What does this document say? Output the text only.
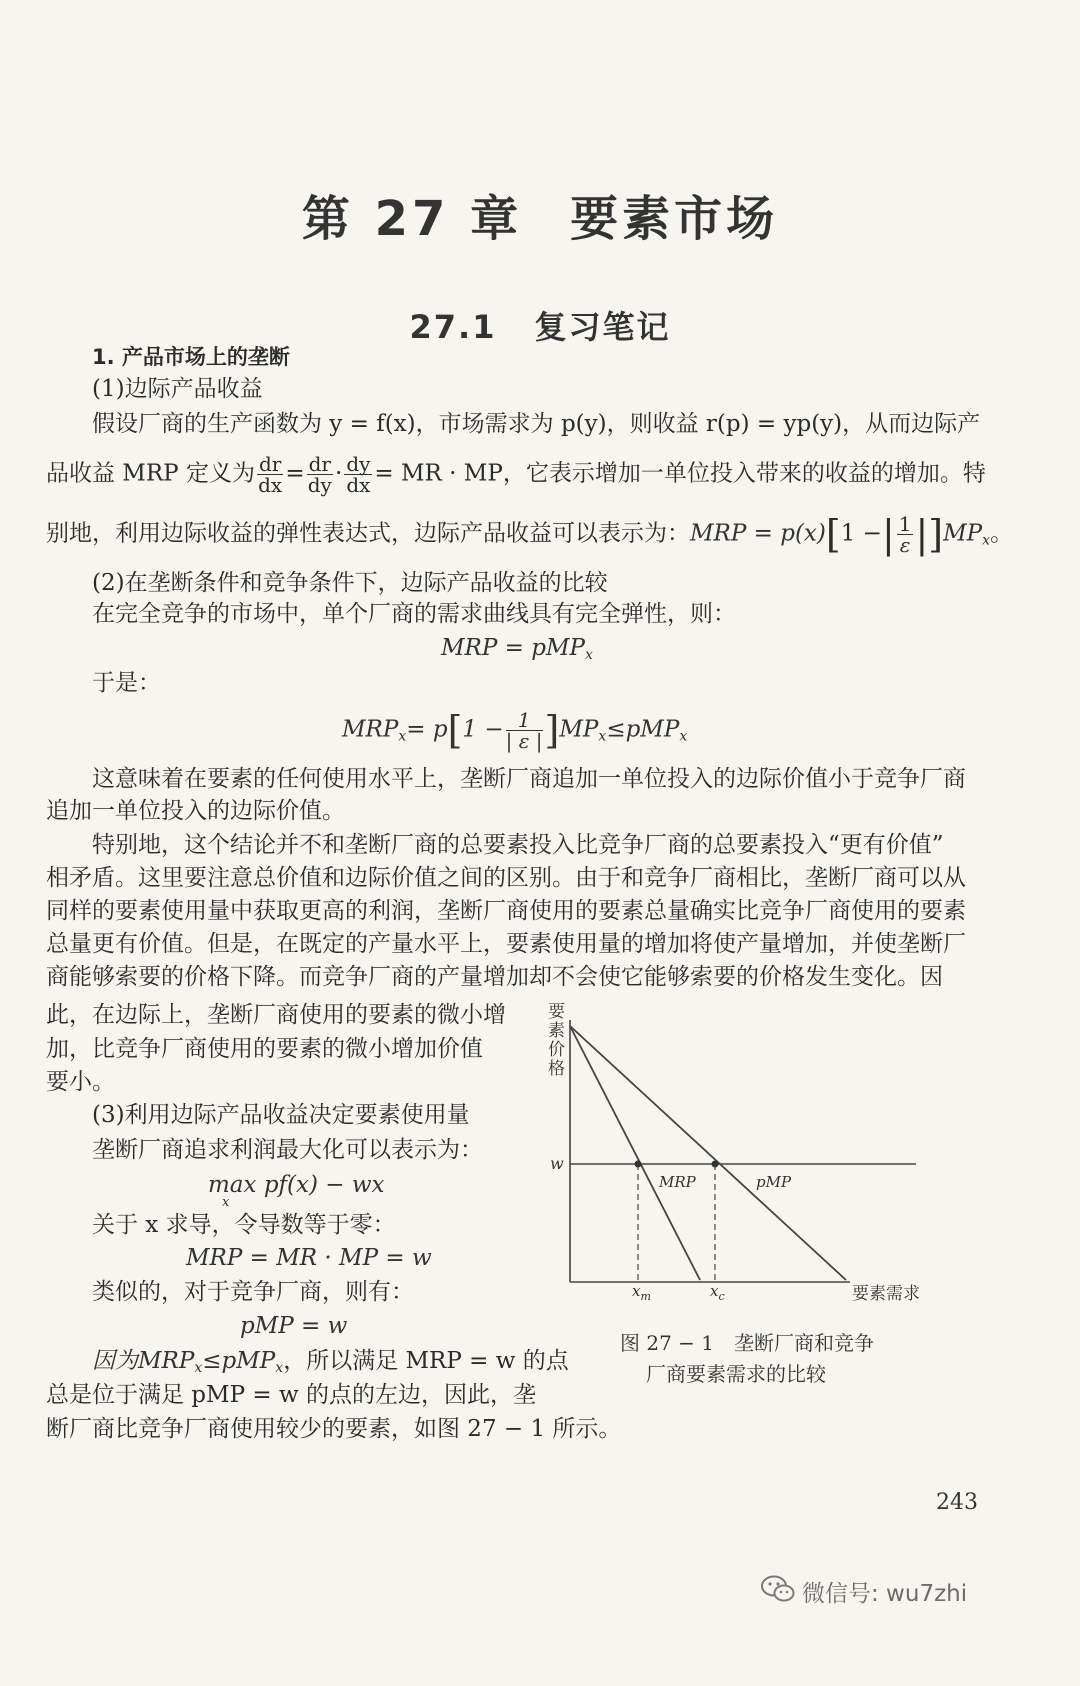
第 27 章 要素市场
27.1 复习笔记
1. 产品市场上的垄断
(1)边际产品收益
假设厂商的生产函数为 y = f(x)，市场需求为 p(y)，则收益 r(p) = yp(y)，从而边际产
品收益 MRP 定义为 $\frac{dr}{dx} = \frac{dr}{dy} \cdot \frac{dy}{dx}$ = MR · MP，它表示增加一单位投入带来的收益的增加。特
别地，利用边际收益的弹性表达式，边际产品收益可以表示为：MRP = p(x)[1 −| $\frac{1}{\varepsilon} |]MP_x$。
(2)在垄断条件和竞争条件下，边际产品收益的比较
在完全竞争的市场中，单个厂商的需求曲线具有完全弹性，则：
MRP = pMP$_x$
于是：
$MRP_x= p[1 - \frac{1}{| \varepsilon |} ]MP_x\le pMP_x$
这意味着在要素的任何使用水平上，垄断厂商追加一单位投入的边际价值小于竞争厂商
追加一单位投入的边际价值。
特别地，这个结论并不和垄断厂商的总要素投入比竞争厂商的总要素投入“更有价值”
相矛盾。这里要注意总价值和边际价值之间的区别。由于和竞争厂商相比，垄断厂商可以从
同样的要素使用量中获取更高的利润，垄断厂商使用的要素总量确实比竞争厂商使用的要素
总量更有价值。但是，在既定的产量水平上，要素使用量的增加将使产量增加，并使垄断厂
商能够索要的价格下降。而竞争厂商的产量增加却不会使它能够索要的价格发生变化。因
此，在边际上，垄断厂商使用的要素的微小增
加，比竞争厂商使用的要素的微小增加价值
要小。
(3)利用边际产品收益决定要素使用量
垄断厂商追求利润最大化可以表示为：
max
x
pf(x) − wx
关于 x 求导，令导数等于零：
MRP = MR · MP = w
类似的，对于竞争厂商，则有：
pMP = w
因为$MRP_x\le pMP_x$，所以满足 MRP = w 的点
总是位于满足 pMP = w 的点的左边，因此，垄
断厂商比竞争厂商使用较少的要素，如图 27 − 1 所示。
要
素
价
格
w
MRP	pMP
$x_m$	$x_c$	要素需求
图 27 − 1　垄断厂商和竞争
厂商要素需求的比较
243
微信号: wu7zhi
